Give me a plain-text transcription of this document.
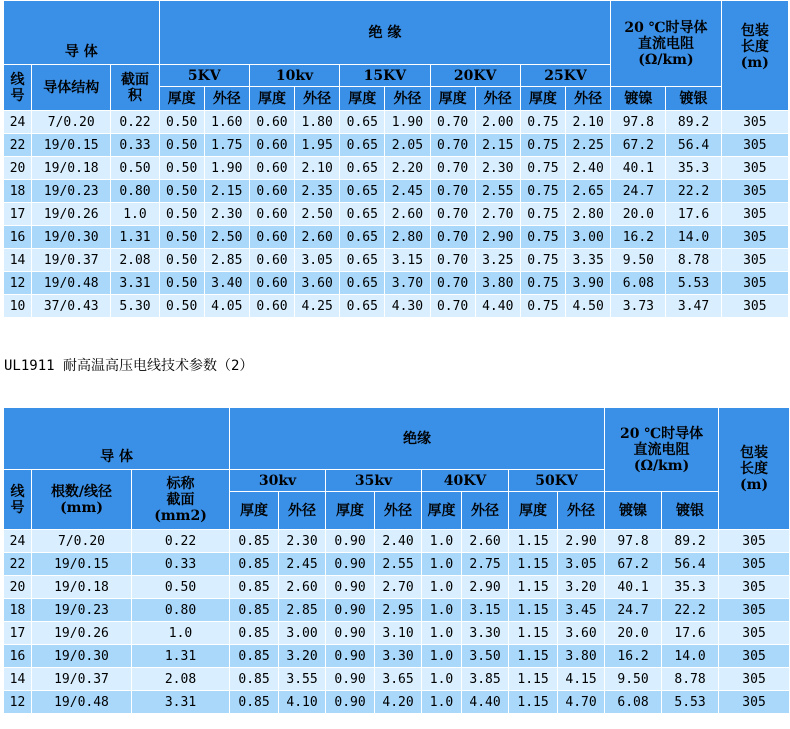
导 体			绝 缘										20 ℃时导体
直流电阻
(Ω/km)		包装
长度
(m)
线
号	导体结构	截面
积	5KV		10kv		15KV		20KV		25KV				
			厚度	外径	厚度	外径	厚度	外径	厚度	外径	厚度	外径	镀镍	镀银	
24	7/0.20	0.22	0.50	1.60	0.60	1.80	0.65	1.90	0.70	2.00	0.75	2.10	97.8	89.2	305
22	19/0.15	0.33	0.50	1.75	0.60	1.95	0.65	2.05	0.70	2.15	0.75	2.25	67.2	56.4	305
20	19/0.18	0.50	0.50	1.90	0.60	2.10	0.65	2.20	0.70	2.30	0.75	2.40	40.1	35.3	305
18	19/0.23	0.80	0.50	2.15	0.60	2.35	0.65	2.45	0.70	2.55	0.75	2.65	24.7	22.2	305
17	19/0.26	1.0	0.50	2.30	0.60	2.50	0.65	2.60	0.70	2.70	0.75	2.80	20.0	17.6	305
16	19/0.30	1.31	0.50	2.50	0.60	2.60	0.65	2.80	0.70	2.90	0.75	3.00	16.2	14.0	305
14	19/0.37	2.08	0.50	2.85	0.60	3.05	0.65	3.15	0.70	3.25	0.75	3.35	9.50	8.78	305
12	19/0.48	3.31	0.50	3.40	0.60	3.60	0.65	3.70	0.70	3.80	0.75	3.90	6.08	5.53	305
10	37/0.43	5.30	0.50	4.05	0.60	4.25	0.65	4.30	0.70	4.40	0.75	4.50	3.73	3.47	305
UL1911 耐高温高压电线技术参数（2）
导 体			绝缘								20 ℃时导体
直流电阻
(Ω/km)		包装
长度
(m)
线
号	根数/线径
(mm)	标称
截面
(mm2)	30kv		35kv		40KV		50KV				
			厚度	外径	厚度	外径	厚度	外径	厚度	外径	镀镍	镀银	
24	7/0.20	0.22	0.85	2.30	0.90	2.40	1.0	2.60	1.15	2.90	97.8	89.2	305
22	19/0.15	0.33	0.85	2.45	0.90	2.55	1.0	2.75	1.15	3.05	67.2	56.4	305
20	19/0.18	0.50	0.85	2.60	0.90	2.70	1.0	2.90	1.15	3.20	40.1	35.3	305
18	19/0.23	0.80	0.85	2.85	0.90	2.95	1.0	3.15	1.15	3.45	24.7	22.2	305
17	19/0.26	1.0	0.85	3.00	0.90	3.10	1.0	3.30	1.15	3.60	20.0	17.6	305
16	19/0.30	1.31	0.85	3.20	0.90	3.30	1.0	3.50	1.15	3.80	16.2	14.0	305
14	19/0.37	2.08	0.85	3.55	0.90	3.65	1.0	3.85	1.15	4.15	9.50	8.78	305
12	19/0.48	3.31	0.85	4.10	0.90	4.20	1.0	4.40	1.15	4.70	6.08	5.53	305
